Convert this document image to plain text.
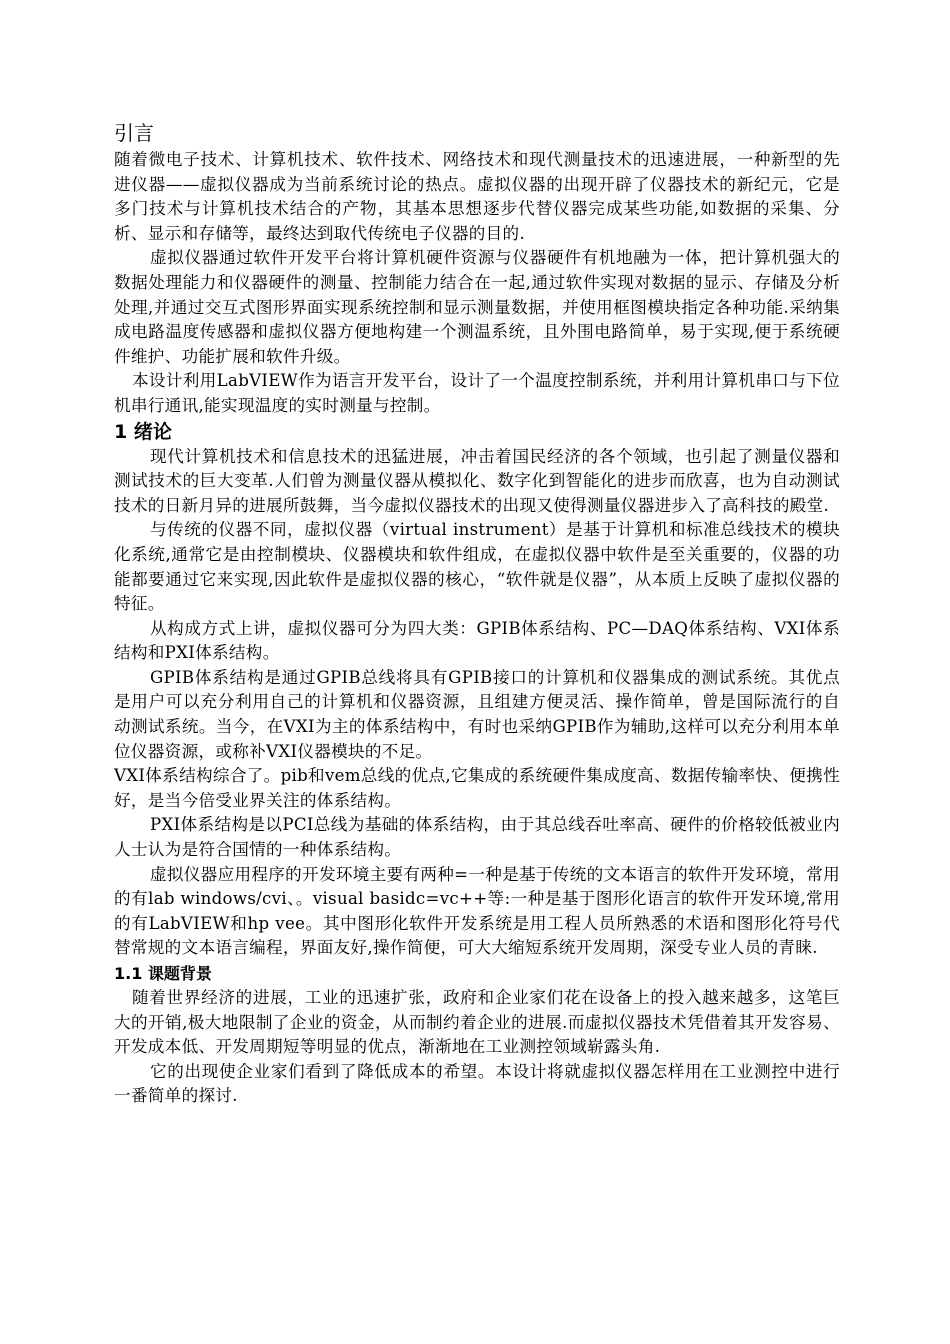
引言

随着微电子技术、计算机技术、软件技术、网络技术和现代测量技术的迅速进展，一种新型的先进仪器——虚拟仪器成为当前系统讨论的热点。虚拟仪器的出现开辟了仪器技术的新纪元，它是多门技术与计算机技术结合的产物，其基本思想逐步代替仪器完成某些功能,如数据的采集、分析、显示和存储等，最终达到取代传统电子仪器的目的.

虚拟仪器通过软件开发平台将计算机硬件资源与仪器硬件有机地融为一体，把计算机强大的数据处理能力和仪器硬件的测量、控制能力结合在一起,通过软件实现对数据的显示、存储及分析处理,并通过交互式图形界面实现系统控制和显示测量数据，并使用框图模块指定各种功能.采纳集成电路温度传感器和虚拟仪器方便地构建一个测温系统，且外围电路简单，易于实现,便于系统硬件维护、功能扩展和软件升级。

本设计利用LabVIEW作为语言开发平台，设计了一个温度控制系统，并利用计算机串口与下位机串行通讯,能实现温度的实时测量与控制。

1 绪论

现代计算机技术和信息技术的迅猛进展，冲击着国民经济的各个领域，也引起了测量仪器和测试技术的巨大变革.人们曾为测量仪器从模拟化、数字化到智能化的进步而欣喜，也为自动测试技术的日新月异的进展所鼓舞，当今虚拟仪器技术的出现又使得测量仪器进步入了高科技的殿堂.

与传统的仪器不同，虚拟仪器（virtual instrument）是基于计算机和标准总线技术的模块化系统,通常它是由控制模块、仪器模块和软件组成，在虚拟仪器中软件是至关重要的，仪器的功能都要通过它来实现,因此软件是虚拟仪器的核心，“软件就是仪器”，从本质上反映了虚拟仪器的特征。

从构成方式上讲，虚拟仪器可分为四大类：GPIB体系结构、PC—DAQ体系结构、VXI体系结构和PXI体系结构。

GPIB体系结构是通过GPIB总线将具有GPIB接口的计算机和仪器集成的测试系统。其优点是用户可以充分利用自己的计算机和仪器资源，且组建方便灵活、操作简单，曾是国际流行的自动测试系统。当今，在VXI为主的体系结构中，有时也采纳GPIB作为辅助,这样可以充分利用本单位仪器资源，或称补VXI仪器模块的不足。

VXI体系结构综合了。pib和vem总线的优点,它集成的系统硬件集成度高、数据传输率快、便携性好，是当今倍受业界关注的体系结构。

PXI体系结构是以PCI总线为基础的体系结构，由于其总线吞吐率高、硬件的价格较低被业内人士认为是符合国情的一种体系结构。

虚拟仪器应用程序的开发环境主要有两种=一种是基于传统的文本语言的软件开发环境，常用的有lab windows/cvi、。visual basidc=vc++等:一种是基于图形化语言的软件开发环境,常用的有LabVIEW和hp vee。其中图形化软件开发系统是用工程人员所熟悉的术语和图形化符号代替常规的文本语言编程，界面友好,操作简便，可大大缩短系统开发周期，深受专业人员的青睐.

1.1 课题背景

随着世界经济的进展，工业的迅速扩张，政府和企业家们花在设备上的投入越来越多，这笔巨大的开销,极大地限制了企业的资金，从而制约着企业的进展.而虚拟仪器技术凭借着其开发容易、开发成本低、开发周期短等明显的优点，渐渐地在工业测控领域崭露头角.

它的出现使企业家们看到了降低成本的希望。本设计将就虚拟仪器怎样用在工业测控中进行一番简单的探讨.
